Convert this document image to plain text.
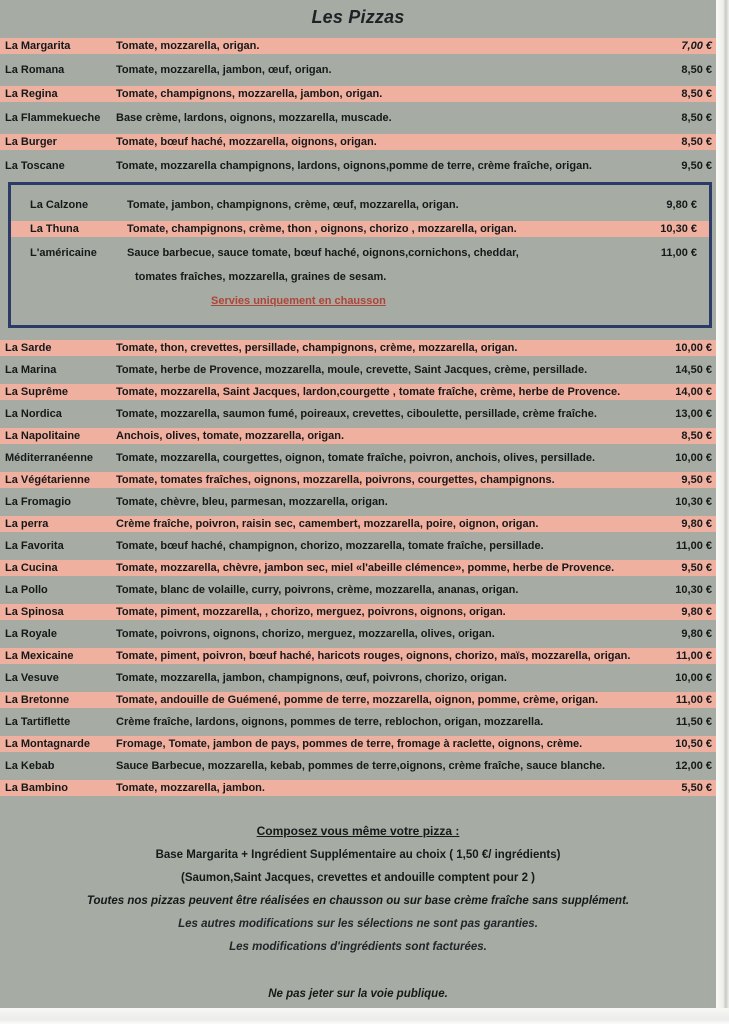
Les Pizzas
La Margarita	Tomate, mozzarella, origan.	7,00 €
La Romana	Tomate, mozzarella, jambon, œuf, origan.	8,50 €
La Regina	Tomate, champignons, mozzarella, jambon, origan.	8,50 €
La Flammekueche	Base crème, lardons, oignons, mozzarella, muscade.	8,50 €
La Burger	Tomate, bœuf haché, mozzarella, oignons, origan.	8,50 €
La Toscane	Tomate, mozzarella champignons, lardons, oignons,pomme de terre, crème fraîche, origan.	9,50 €
La Calzone	Tomate, jambon, champignons, crème, œuf, mozzarella, origan.	9,80 €
La Thuna	Tomate, champignons, crème, thon , oignons, chorizo , mozzarella, origan.	10,30 €
L'américaine	Sauce barbecue, sauce tomate, bœuf haché, oignons,cornichons, cheddar,	11,00 €
tomates fraîches, mozzarella, graines de sesam.
Servies uniquement en chausson
La Sarde	Tomate, thon, crevettes, persillade, champignons, crème, mozzarella, origan.	10,00 €
La Marina	Tomate, herbe de Provence, mozzarella, moule, crevette, Saint Jacques, crème, persillade.	14,50 €
La Suprême	Tomate, mozzarella, Saint Jacques, lardon,courgette , tomate fraîche, crème, herbe de Provence.	14,00 €
La Nordica	Tomate, mozzarella, saumon fumé, poireaux, crevettes, ciboulette, persillade, crème fraîche.	13,00 €
La Napolitaine	Anchois, olives, tomate, mozzarella, origan.	8,50 €
Méditerranéenne	Tomate, mozzarella, courgettes, oignon, tomate fraîche, poivron, anchois, olives, persillade.	10,00 €
La Végétarienne	Tomate, tomates fraîches, oignons, mozzarella, poivrons, courgettes, champignons.	9,50 €
La Fromagio	Tomate, chèvre, bleu, parmesan, mozzarella, origan.	10,30 €
La perra	Crème fraîche, poivron, raisin sec, camembert, mozzarella, poire, oignon, origan.	9,80 €
La Favorita	Tomate, bœuf haché, champignon, chorizo, mozzarella, tomate fraîche, persillade.	11,00 €
La Cucina	Tomate, mozzarella, chèvre, jambon sec, miel «l'abeille clémence», pomme, herbe de Provence.	9,50 €
La Pollo	Tomate, blanc de volaille, curry, poivrons, crème, mozzarella, ananas, origan.	10,30 €
La Spinosa	Tomate, piment, mozzarella, , chorizo, merguez, poivrons, oignons, origan.	9,80 €
La Royale	Tomate, poivrons, oignons, chorizo, merguez, mozzarella, olives, origan.	9,80 €
La Mexicaine	Tomate, piment, poivron, bœuf haché, haricots rouges, oignons, chorizo, maïs, mozzarella, origan.	11,00 €
La Vesuve	Tomate, mozzarella, jambon, champignons, œuf, poivrons, chorizo, origan.	10,00 €
La Bretonne	Tomate, andouille de Guémené, pomme de terre, mozzarella, oignon, pomme, crème, origan.	11,00 €
La Tartiflette	Crème fraîche, lardons, oignons, pommes de terre, reblochon, origan, mozzarella.	11,50 €
La Montagnarde	Fromage, Tomate, jambon de pays, pommes de terre, fromage à raclette, oignons, crème.	10,50 €
La Kebab	Sauce Barbecue, mozzarella, kebab, pommes de terre,oignons, crème fraîche, sauce blanche.	12,00 €
La Bambino	Tomate, mozzarella, jambon.	5,50 €
Composez vous même votre pizza :
Base Margarita + Ingrédient Supplémentaire au choix ( 1,50 €/ ingrédients)
(Saumon,Saint Jacques, crevettes et andouille comptent pour 2 )
Toutes nos pizzas peuvent être réalisées en chausson ou sur base crème fraîche sans supplément.
Les autres modifications sur les sélections ne sont pas garanties.
Les modifications d'ingrédients sont facturées.
Ne pas jeter sur la voie publique.
